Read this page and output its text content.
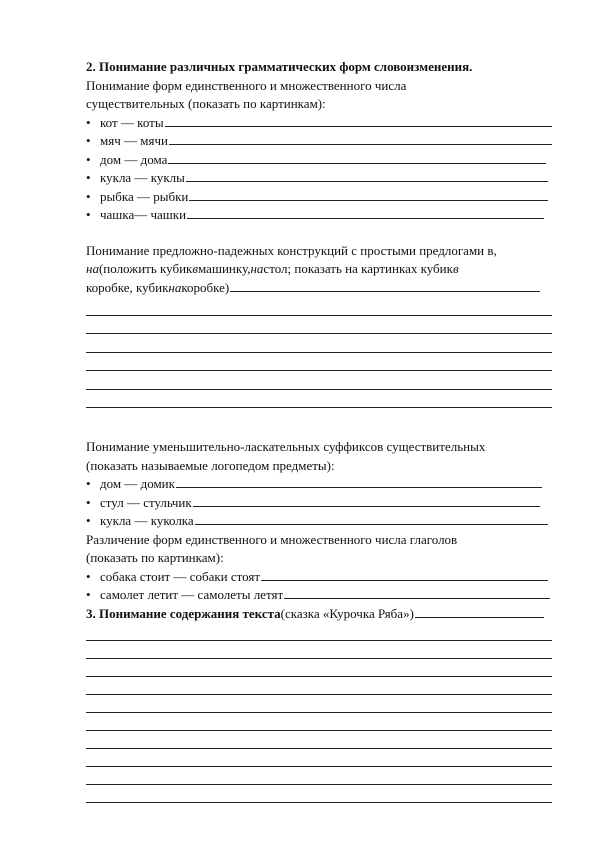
2. Понимание различных грамматических форм словоизменения.
Понимание форм единственного и множественного числа
существительных (показать по картинкам):
• кот — коты
• мяч — мячи
• дом — дома
• кукла — куклы
• рыбка — рыбки
• чашка— чашки
Понимание предложно-падежных конструкций с простыми предлогами в,
на (положить кубик в машинку, на стол; показать на картинках кубик в
коробке, кубик на коробке)
Понимание уменьшительно-ласкательных суффиксов существительных
(показать называемые логопедом предметы):
• дом — домик
• стул — стульчик
• кукла — куколка
Различение форм единственного и множественного числа глаголов
(показать по картинкам):
• собака стоит — собаки стоят
• самолет летит — самолеты летят
3. Понимание содержания текста (сказка «Курочка Ряба»)
